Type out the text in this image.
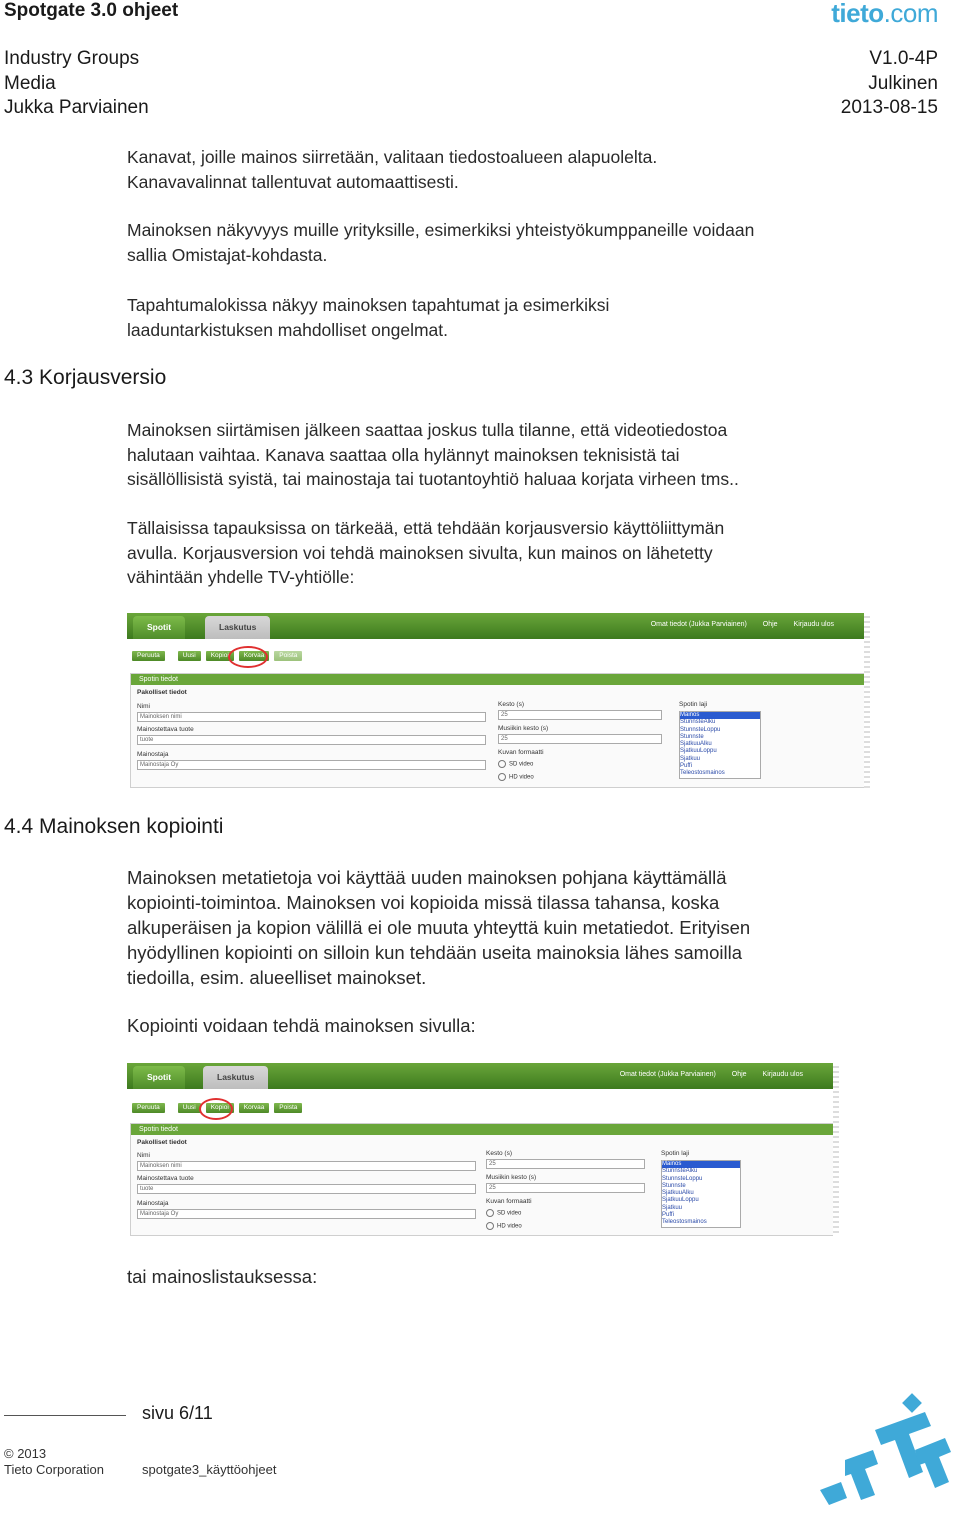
Spotgate 3.0 ohjeet	tieto.com
Industry Groups
Media
Jukka Parviainen
V1.0-4P
Julkinen
2013-08-15
Kanavat, joille mainos siirretään, valitaan tiedostoalueen alapuolelta.
Kanavavalinnat tallentuvat automaattisesti.
Mainoksen näkyvyys muille yrityksille, esimerkiksi yhteistyökumppaneille voidaan
sallia Omistajat-kohdasta.
Tapahtumalokissa näkyy mainoksen tapahtumat ja esimerkiksi
laaduntarkistuksen mahdolliset ongelmat.
4.3 Korjausversio
Mainoksen siirtämisen jälkeen saattaa joskus tulla tilanne, että videotiedostoa
halutaan vaihtaa. Kanava saattaa olla hylännyt mainoksen teknisistä tai
sisällöllisistä syistä, tai mainostaja tai tuotantoyhtiö haluaa korjata virheen tms..
Tällaisissa tapauksissa on tärkeää, että tehdään korjausversio käyttöliittymän
avulla. Korjausversion voi tehdä mainoksen sivulta, kun mainos on lähetetty
vähintään yhdelle TV-yhtiölle:
Spotit	Laskutus	Omat tiedot (Jukka Parviainen) Ohje Kirjaudu ulos
Peruuta	Uusi Kopioi Korvaa Poista
Spotin tiedot
Pakolliset tiedot
Nimi
Mainoksen nimi
Mainostettava tuote
tuote
Mainostaja
Mainostaja Oy
Kesto (s)
25
Musiikin kesto (s)
25
Kuvan formaatti
SD video
HD video
Spotin laji
Mainos
StunnsteAlku
StunnsteLoppu
Stunnste
SjatkuuAlku
SjatkuuLoppu
Sjatkuu
Puffi
Teleostosmainos
4.4 Mainoksen kopiointi
Mainoksen metatietoja voi käyttää uuden mainoksen pohjana käyttämällä
kopiointi-toimintoa. Mainoksen voi kopioida missä tilassa tahansa, koska
alkuperäisen ja kopion välillä ei ole muuta yhteyttä kuin metatiedot. Erityisen
hyödyllinen kopiointi on silloin kun tehdään useita mainoksia lähes samoilla
tiedoilla, esim. alueelliset mainokset.
Kopiointi voidaan tehdä mainoksen sivulla:
Spotit	Laskutus	Omat tiedot (Jukka Parviainen) Ohje Kirjaudu ulos
Peruuta	Uusi Kopioi Korvaa Poista
Spotin tiedot
Pakolliset tiedot
Nimi
Mainoksen nimi
Mainostettava tuote
tuote
Mainostaja
Mainostaja Oy
Kesto (s)
25
Musiikin kesto (s)
25
Kuvan formaatti
SD video
HD video
Spotin laji
Mainos
StunnsteAlku
StunnsteLoppu
Stunnste
SjatkuuAlku
SjatkuuLoppu
Sjatkuu
Puffi
Teleostosmainos
tai mainoslistauksessa:
sivu 6/11
© 2013
Tieto Corporation	spotgate3_käyttöohjeet
